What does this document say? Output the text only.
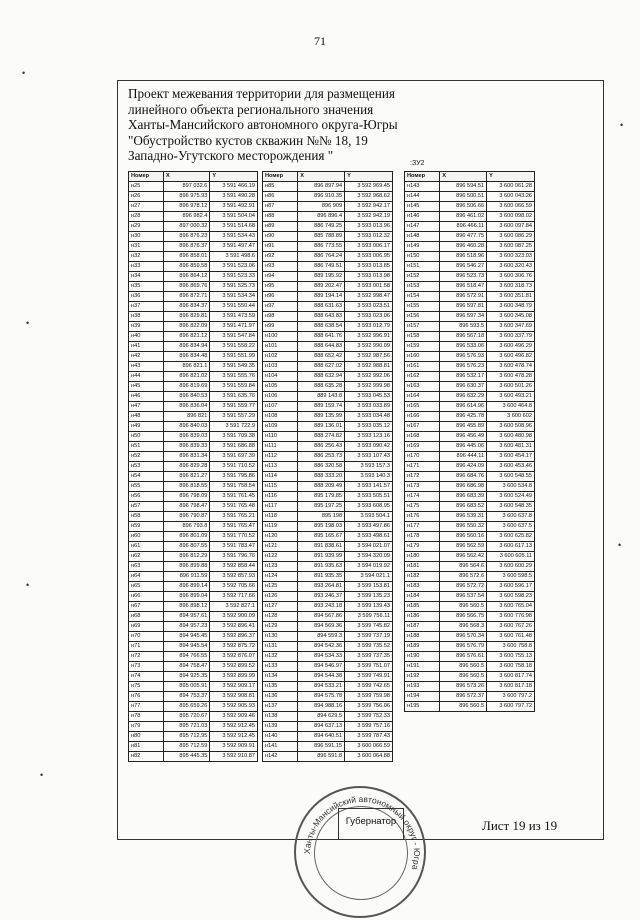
71
Проект межевания территории для размещения
линейного объекта регионального значения
Ханты-Мансийского автономного округа-Югры
"Обустройство кустов скважин №№ 18, 19
Западно-Угутского месторождения "
:ЗУ2
Номер	X	Y
н25	897 032.6	3 591 466.19
н26	896 975.93	3 591 490.28
н27	896 978.12	3 591 492.91
н28	896 982.4	3 591 504.04
н29	897 000.32	3 591 514.68
н30	896 876.23	3 591 534.43
н31	896 876.37	3 591 497.47
н32	896 858.01	3 591 498.6
н33	896 859.58	3 591 523.06
н34	896 864.12	3 591 523.33
н35	896 869.76	3 591 525.73
н36	896 872.71	3 591 534.34
н37	896 834.37	3 591 550.44
н38	896 829.81	3 591 473.59
н39	896 822.09	3 591 471.97
н40	896 821.12	3 591 547.84
н41	896 834.94	3 591 558.22
н42	896 834.48	3 591 551.99
н43	896 821.1	3 591 549.35
н44	896 821.02	3 591 555.76
н45	896 819.69	3 591 559.84
н46	896 840.53	3 591 635.76
н47	896 836.04	3 591 559.77
н48	896 821	3 591 557.29
н49	896 840.03	3 591 722.9
н50	896 839.03	3 591 709.38
н51	896 839.33	3 591 686.88
н52	896 831.34	3 591 697.39
н53	896 829.28	3 591 710.52
н54	896 821.27	3 591 795.86
н55	896 818.55	3 591 758.54
н56	896 798.09	3 591 761.45
н57	896 798.47	3 591 765.48
н58	896 790.87	3 591 765.21
н59	896 793.8	3 591 765.47
н60	896 801.09	3 591 770.52
н61	896 807.55	3 591 783.47
н62	896 812.29	3 591 796.76
н63	896 899.88	3 592 858.44
н64	896 911.59	3 592 857.93
н65	896 899.14	3 592 705.66
н66	896 899.04	3 592 717.66
н67	896 898.12	3 592 827.1
н68	894 957.61	3 592 900.09
н69	894 957.23	3 592 896.41
н70	894 945.45	3 592 896.37
н71	894 945.54	3 592 875.72
н72	894 766.55	3 592 876.07
н73	894 758.47	3 592 899.52
н74	894 925.35	3 592 899.99
н75	895 005.91	3 592 909.17
н76	894 753.37	3 592 908.81
н77	895 659.26	3 592 905.93
н78	895 720.67	3 592 909.46
н79	895 721.03	3 592 912.45
н80	895 712.95	3 592 912.45
н81	895 712.59	3 592 909.91
н82	895 445.35	3 592 910.87
Номер	X	Y
н85	896 897.94	3 592 969.45
н86	896 910.35	3 592 968.62
н87	896 909	3 592 942.17
н88	896 896.4	3 592 942.19
н89	886 749.25	3 593 013.96
н90	885 788.89	3 593 012.32
н91	886 773.55	3 593 006.17
н92	886 764.24	3 593 006.95
н93	886 749.51	3 593 013.85
н94	889 195.92	3 593 013.98
н95	889 202.47	3 593 001.58
н96	889 194.14	3 592 998.47
н97	888 631.63	3 593 023.51
н98	888 643.83	3 593 023.06
н99	888 638.54	3 593 012.79
н100	888 641.76	3 592 996.91
н101	888 644.83	3 592 990.09
н102	888 652.42	3 592 987.56
н103	888 627.02	3 592 988.81
н104	888 632.94	3 592 992.06
н105	888 635.28	3 592 999.98
н106	889 143.8	3 593 045.53
н107	889 159.74	3 593 033.89
н108	889 135.99	3 593 034.48
н109	889 136.01	3 593 035.12
н110	888 274.82	3 593 123.16
н111	886 256.43	3 593 090.42
н112	886 253.73	3 593 107.43
н113	886 320.58	3 593 157.3
н114	888 333.20	3 593 140.3
н115	888 209.49	3 593 141.57
н116	895 179.85	3 593 505.51
н117	895 197.25	3 593 608.95
н118	895 198	3 593 504.1
н119	895 198.03	3 593 497.86
н120	895 165.67	3 593 498.61
н121	891 838.61	3 594 021.07
н122	891 939.99	3 594 320.09
н123	891 935.63	3 594 019.92
н124	891 935.35	3 594 021.1
н125	893 264.81	3 599 153.81
н126	893 246.37	3 599 135.23
н127	893 243.18	3 599 139.43
н128	894 567.86	3 599 756.11
н129	894 569.36	3 599 745.82
н130	894 559.3	3 599 737.19
н131	894 542.36	3 599 735.52
н132	894 534.33	3 599 737.35
н133	894 546.97	3 599 751.07
н134	894 544.38	3 599 749.91
н135	894 533.21	3 599 742.65
н136	894 575.78	3 599 759.98
н137	894 988.16	3 599 756.06
н138	894 629.5	3 599 752.33
н139	894 637.13	3 599 757.16
н140	894 640.51	3 599 787.43
н141	896 591.15	3 600 066.59
н142	896 591.8	3 600 064.88
Номер	X	Y
н143	896 594.51	3 600 061.28
н144	896 500.51	3 600 043.26
н145	896 506.66	3 600 066.59
н146	896 461.02	3 600 098.02
н147	896 466.11	3 600 097.84
н148	896 477.75	3 600 086.29
н149	896 460.28	3 600 087.25
н150	896 518.96	3 600 323.03
н151	896 546.27	3 600 320.43
н152	896 523.73	3 600 306.76
н153	896 518.47	3 600 318.73
н154	896 572.91	3 600 351.81
н155	896 597.81	3 600 348.79
н156	896 597.34	3 600 345.08
н157	896 593.5	3 600 347.69
н158	896 567.18	3 600 337.79
н159	896 533.06	3 600 496.29
н160	896 576.93	3 600 496.82
н161	896 576.23	3 600 478.74
н162	896 532.17	3 600 478.28
н163	896 630.37	3 600 501.26
н164	896 632.29	3 600 493.21
н165	896 614.96	3 600 464.8
н166	896 425.78	3 600 602
н167	896 455.89	3 600 508.96
н168	896 456.49	3 600 480.98
н169	896 445.06	3 600 481.31
н170	896 444.11	3 600 454.17
н171	896 424.09	3 600 453.46
н172	896 684.76	3 600 548.55
н173	896 686.98	3 600 534.8
н174	896 683.39	3 600 524.49
н175	896 683.52	3 600 548.35
н176	896 539.31	3 600 637.8
н177	896 550.32	3 600 637.5
н178	896 560.16	3 600 625.82
н179	896 562.59	3 600 617.13
н180	896 562.42	3 600 605.11
н181	896 564.6	3 600 600.29
н182	896 572.6	3 600 598.5
н183	896 572.72	3 600 596.17
н184	896 537.54	3 600 598.23
н185	896 560.5	3 600 765.04
н186	896 566.75	3 600 776.98
н187	896 568.3	3 600 767.26
н188	896 570.34	3 600 761.48
н189	896 576.79	3 600 758.8
н190	896 576.61	3 600 755.13
н191	896 560.5	3 600 758.18
н192	896 560.5	3 600 817.74
н193	896 573.26	3 600 817.18
н194	896 572.37	3 600 797.2
н195	896 560.5	3 600 797.72
Ханты-Мансийский автономный округ - Югра
Губернатор	Лист 19 из 19
•
•
•
•
•
•
